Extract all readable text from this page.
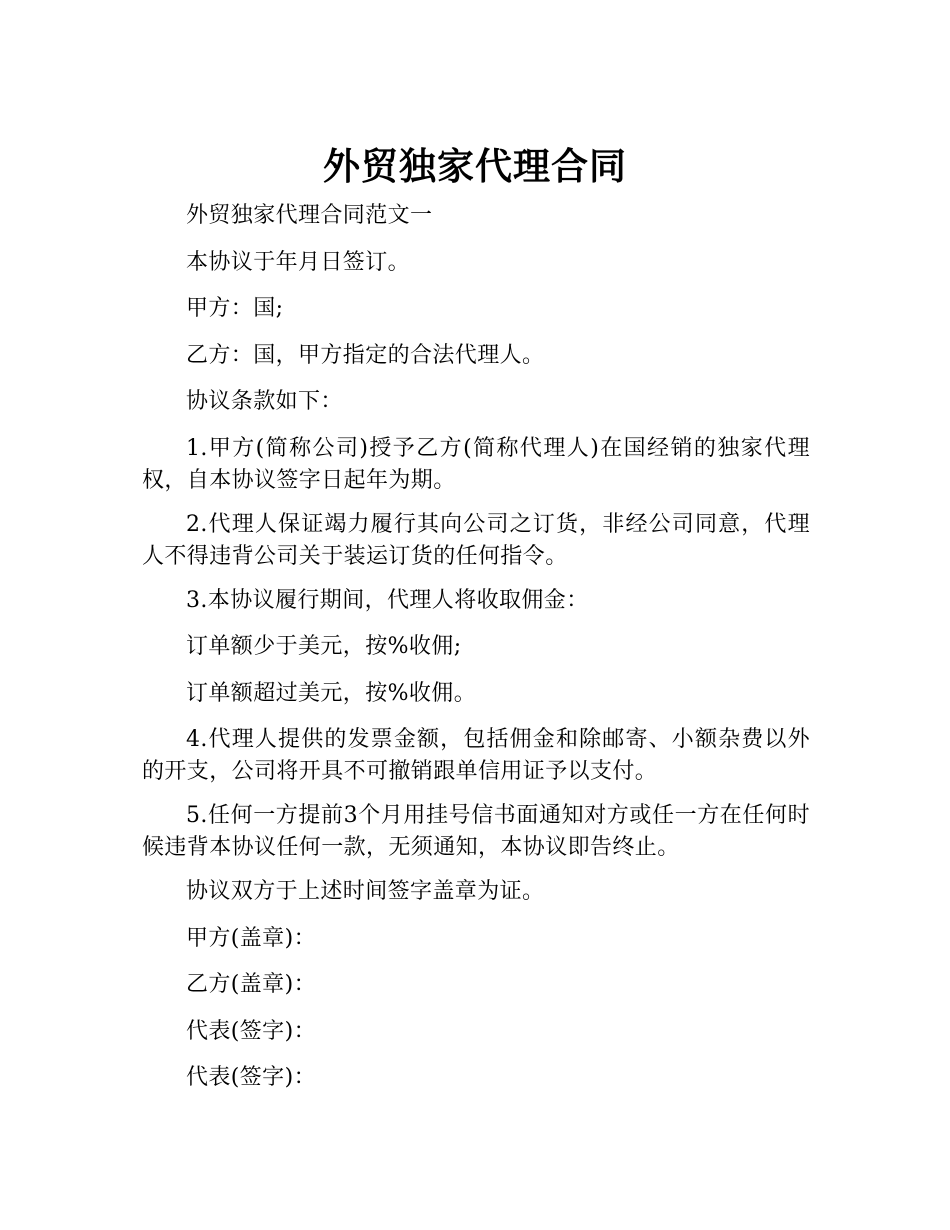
外贸独家代理合同

外贸独家代理合同范文一

本协议于年月日签订。

甲方：国;

乙方：国，甲方指定的合法代理人。

协议条款如下：

1.甲方(简称公司)授予乙方(简称代理人)在国经销的独家代理权，自本协议签字日起年为期。

2.代理人保证竭力履行其向公司之订货，非经公司同意，代理人不得违背公司关于装运订货的任何指令。

3.本协议履行期间，代理人将收取佣金：

订单额少于美元，按%收佣;

订单额超过美元，按%收佣。

4.代理人提供的发票金额，包括佣金和除邮寄、小额杂费以外的开支，公司将开具不可撤销跟单信用证予以支付。

5.任何一方提前3个月用挂号信书面通知对方或任一方在任何时候违背本协议任何一款，无须通知，本协议即告终止。

协议双方于上述时间签字盖章为证。

甲方(盖章)：

乙方(盖章)：

代表(签字)：

代表(签字)：
